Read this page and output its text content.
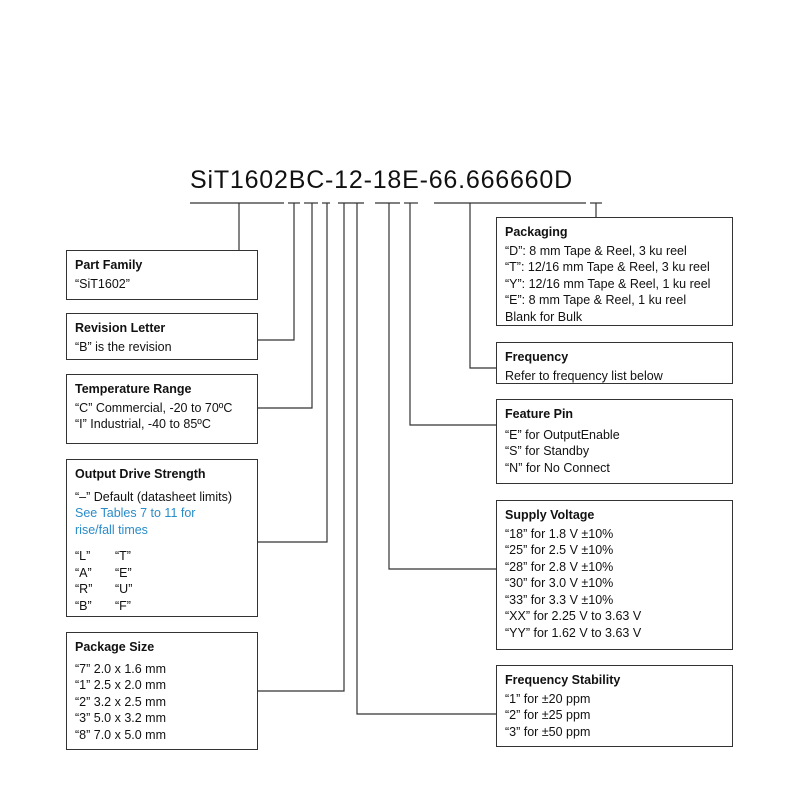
SiT1602BC-12-18E-66.666660D
Part Family
“SiT1602”
Revision Letter
“B” is the revision
Temperature Range
“C” Commercial, -20 to 70ºC
“I” Industrial, -40 to 85ºC
Output Drive Strength
“–” Default (datasheet limits)
See Tables 7 to 11 for
rise/fall times
“L”	“T”
“A”	“E”
“R”	“U”
“B”	“F”
Package Size
“7” 2.0 x 1.6 mm
“1” 2.5 x 2.0 mm
“2” 3.2 x 2.5 mm
“3” 5.0 x 3.2 mm
“8” 7.0 x 5.0 mm
Packaging
“D”: 8 mm Tape & Reel, 3 ku reel
“T”: 12/16 mm Tape & Reel, 3 ku reel
“Y”: 12/16 mm Tape & Reel, 1 ku reel
“E”: 8 mm Tape & Reel, 1 ku reel
Blank for Bulk
Frequency
Refer to frequency list below
Feature Pin
“E” for OutputEnable
“S” for Standby
“N” for No Connect
Supply Voltage
“18” for 1.8 V ±10%
“25” for 2.5 V ±10%
“28” for 2.8 V ±10%
“30” for 3.0 V ±10%
“33” for 3.3 V ±10%
“XX” for 2.25 V to 3.63 V
“YY” for 1.62 V to 3.63 V
Frequency Stability
“1” for ±20 ppm
“2” for ±25 ppm
“3” for ±50 ppm
